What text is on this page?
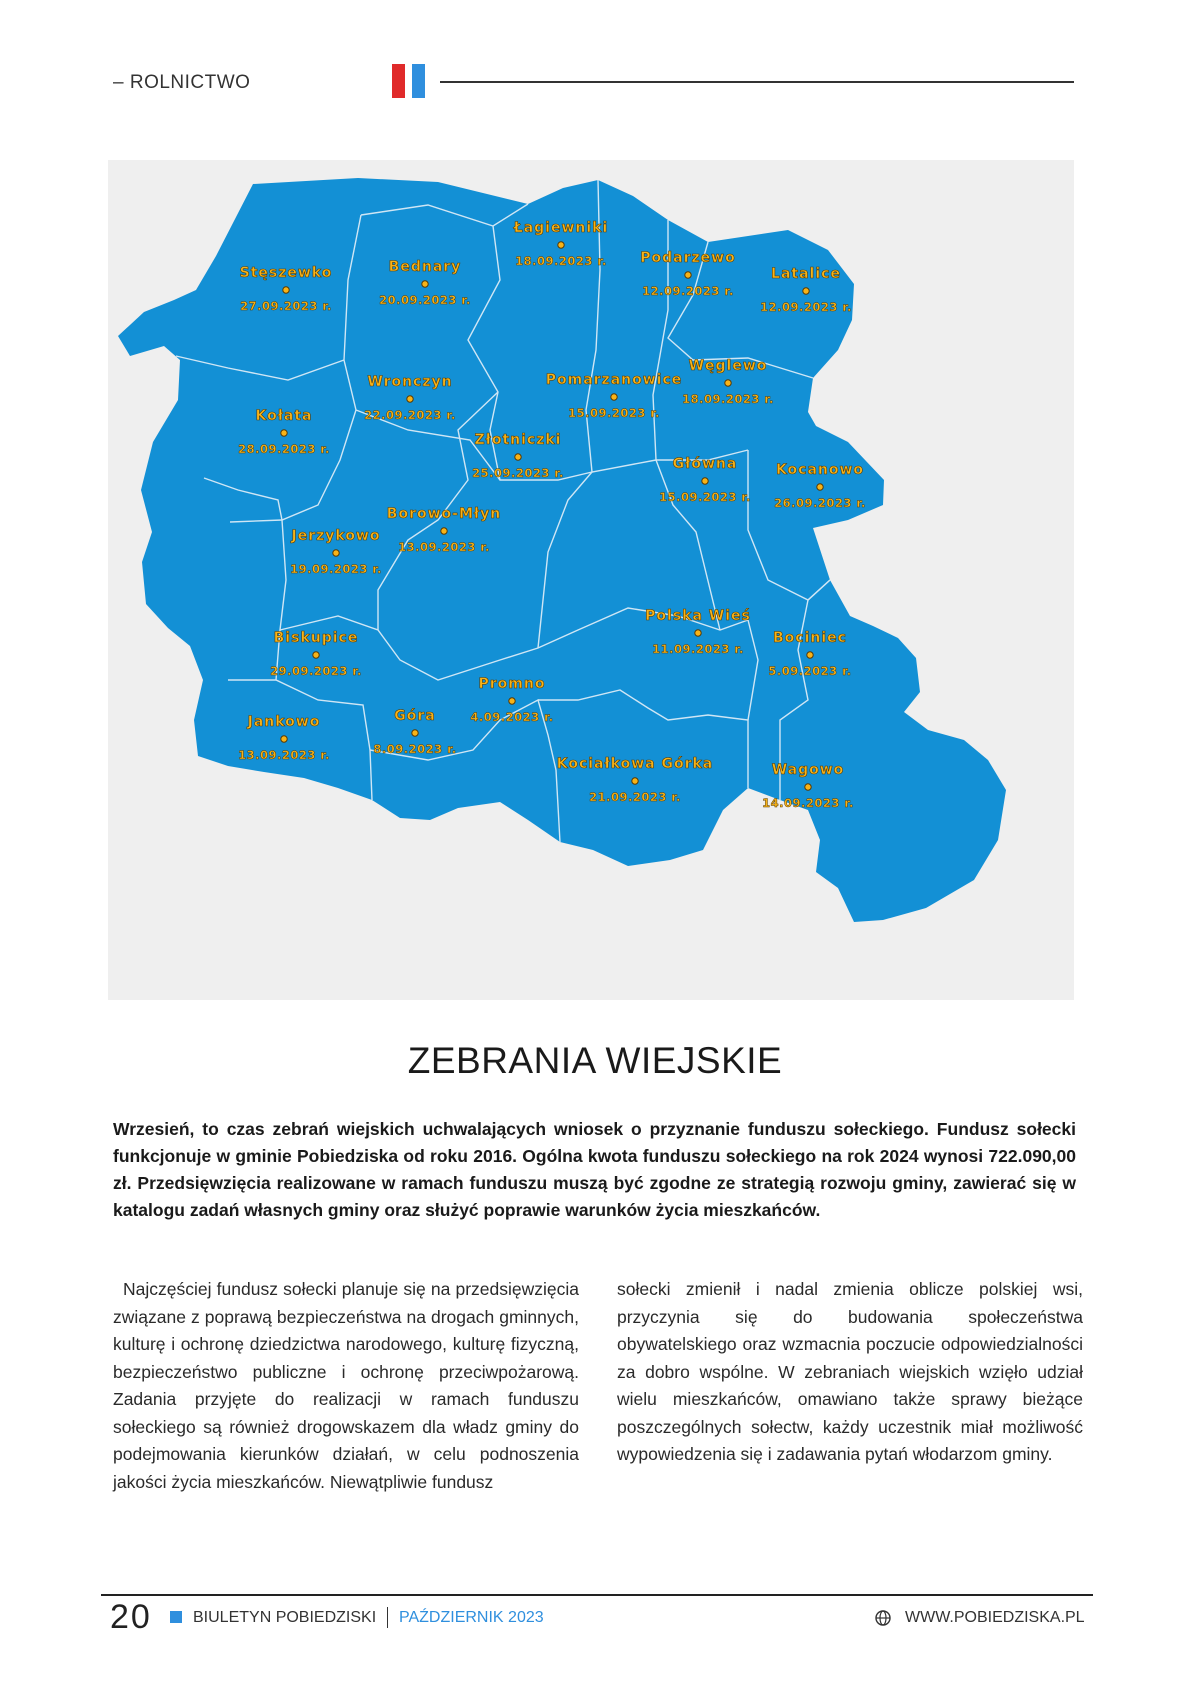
– ROLNICTWO
Łagiewniki
18.09.2023 r. Podarzewo
12.09.2023 r.
Latalice
12.09.2023 r.
Stęszewko
27.09.2023 r.
Bednary
20.09.2023 r.
Węglewo
18.09.2023 r.
Wronczyn
22.09.2023 r.
Pomarzanowice
15.09.2023 r.
Kołata
28.09.2023 r.
Złotniczki
25.09.2023 r.
Główna
15.09.2023 r.
Kocanowo
26.09.2023 r.
Borowo-Młyn
13.09.2023 r.
Jerzykowo
19.09.2023 r.
Polska Wieś
11.09.2023 r.
Biskupice
29.09.2023 r.
Bociniec
5.09.2023 r.
Promno
4.09.2023 r.
Jankowo
13.09.2023 r.
Góra
8.09.2023 r.
Kociałkowa Górka
21.09.2023 r.
Wagowo
14.09.2023 r.
ZEBRANIA WIEJSKIE
Wrzesień, to czas zebrań wiejskich uchwalających wniosek o przyznanie funduszu sołeckiego. Fundusz sołecki funkcjonuje w gminie Pobiedziska od roku 2016. Ogólna kwota funduszu sołeckiego na rok 2024 wynosi 722.090,00 zł. Przedsięwzięcia realizowane w ramach funduszu muszą być zgodne ze strategią rozwoju gminy, zawierać się w katalogu zadań własnych gminy oraz służyć poprawie warunków życia mieszkańców.
Najczęściej fundusz sołecki planuje się na przedsięwzięcia związane z poprawą bezpieczeństwa na drogach gminnych, kulturę i ochronę dziedzictwa narodowego, kulturę fizyczną, bezpieczeństwo publiczne i ochronę przeciwpożarową. Zadania przyjęte do realizacji w ramach funduszu sołeckiego są również drogowskazem dla władz gminy do podejmowania kierunków działań, w celu podnoszenia jakości życia mieszkańców. Niewątpliwie fundusz
sołecki zmienił i nadal zmienia oblicze polskiej wsi, przyczynia się do budowania społeczeństwa obywatelskiego oraz wzmacnia poczucie odpowiedzialności za dobro wspólne. W zebraniach wiejskich wzięło udział wielu mieszkańców, omawiano także sprawy bieżące poszczególnych sołectw, każdy uczestnik miał możliwość wypowiedzenia się i zadawania pytań włodarzom gminy.
20	BIULETYN POBIEDZISKI PAŹDZIERNIK 2023	WWW.POBIEDZISKA.PL
